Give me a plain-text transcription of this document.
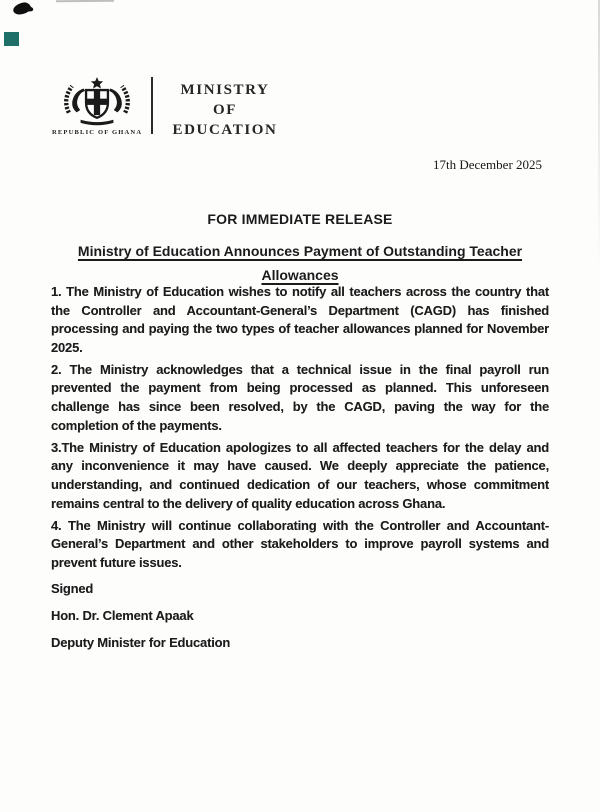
REPUBLIC OF GHANA
MINISTRY
OF
EDUCATION
17th December 2025
FOR IMMEDIATE RELEASE
Ministry of Education Announces Payment of Outstanding Teacher Allowances

1. The Ministry of Education wishes to notify all teachers across the country that the Controller and Accountant-General’s Department (CAGD) has finished processing and paying the two types of teacher allowances planned for November 2025.

2. The Ministry acknowledges that a technical issue in the final payroll run prevented the payment from being processed as planned. This unforeseen challenge has since been resolved, by the CAGD, paving the way for the completion of the payments.

3.The Ministry of Education apologizes to all affected teachers for the delay and any inconvenience it may have caused. We deeply appreciate the patience, understanding, and continued dedication of our teachers, whose commitment remains central to the delivery of quality education across Ghana.

4. The Ministry will continue collaborating with the Controller and Accountant-General’s Department and other stakeholders to improve payroll systems and prevent future issues.

Signed

Hon. Dr. Clement Apaak

Deputy Minister for Education
